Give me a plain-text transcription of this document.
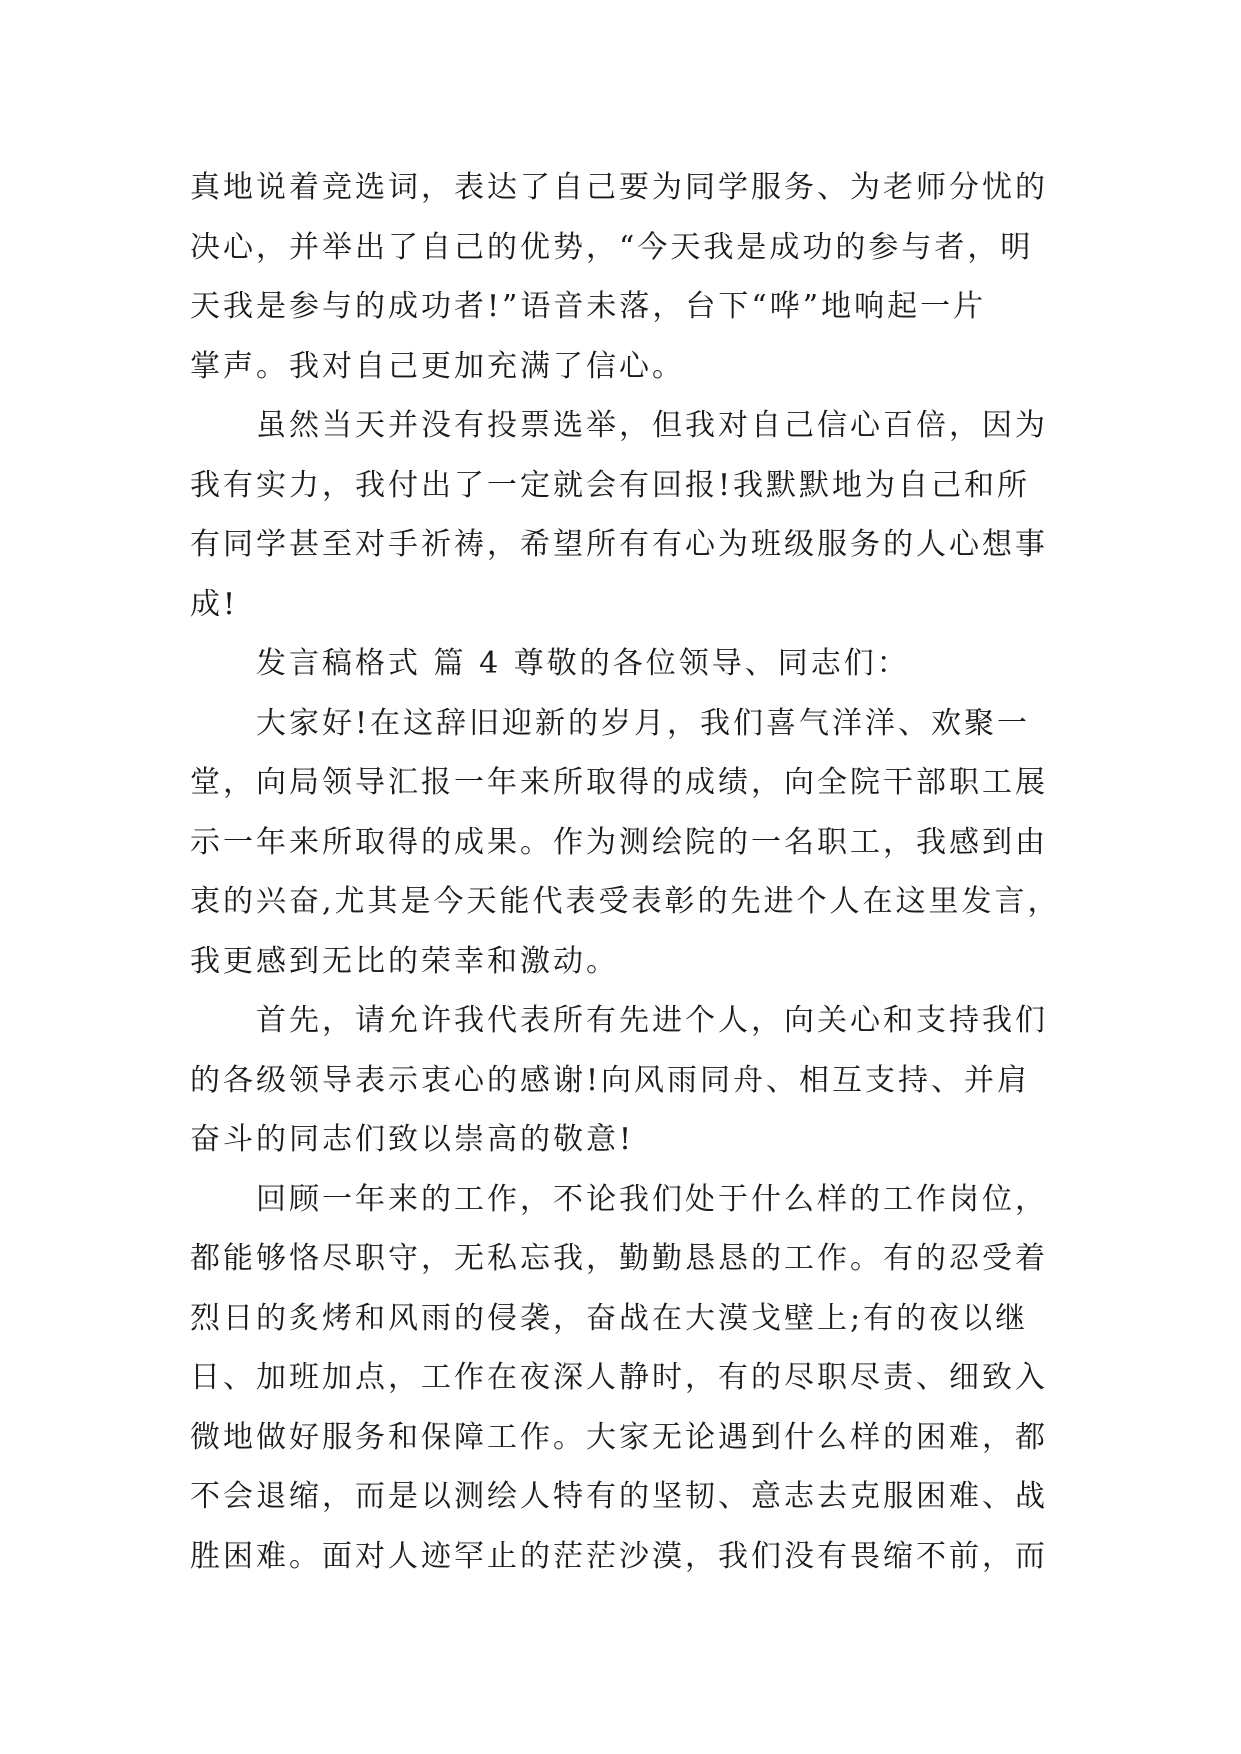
真地说着竞选词，表达了自己要为同学服务、为老师分忧的
决心，并举出了自己的优势，“今天我是成功的参与者，明
天我是参与的成功者!”语音未落，台下“哗”地响起一片
掌声。我对自己更加充满了信心。
虽然当天并没有投票选举，但我对自己信心百倍，因为
我有实力，我付出了一定就会有回报!我默默地为自己和所
有同学甚至对手祈祷，希望所有有心为班级服务的人心想事
成!
发言稿格式 篇 4 尊敬的各位领导、同志们：
大家好!在这辞旧迎新的岁月，我们喜气洋洋、欢聚一
堂，向局领导汇报一年来所取得的成绩，向全院干部职工展
示一年来所取得的成果。作为测绘院的一名职工，我感到由
衷的兴奋,尤其是今天能代表受表彰的先进个人在这里发言，
我更感到无比的荣幸和激动。
首先，请允许我代表所有先进个人，向关心和支持我们
的各级领导表示衷心的感谢!向风雨同舟、相互支持、并肩
奋斗的同志们致以崇高的敬意!
回顾一年来的工作，不论我们处于什么样的工作岗位，
都能够恪尽职守，无私忘我，勤勤恳恳的工作。有的忍受着
烈日的炙烤和风雨的侵袭，奋战在大漠戈壁上;有的夜以继
日、加班加点，工作在夜深人静时，有的尽职尽责、细致入
微地做好服务和保障工作。大家无论遇到什么样的困难，都
不会退缩，而是以测绘人特有的坚韧、意志去克服困难、战
胜困难。面对人迹罕止的茫茫沙漠，我们没有畏缩不前，而
